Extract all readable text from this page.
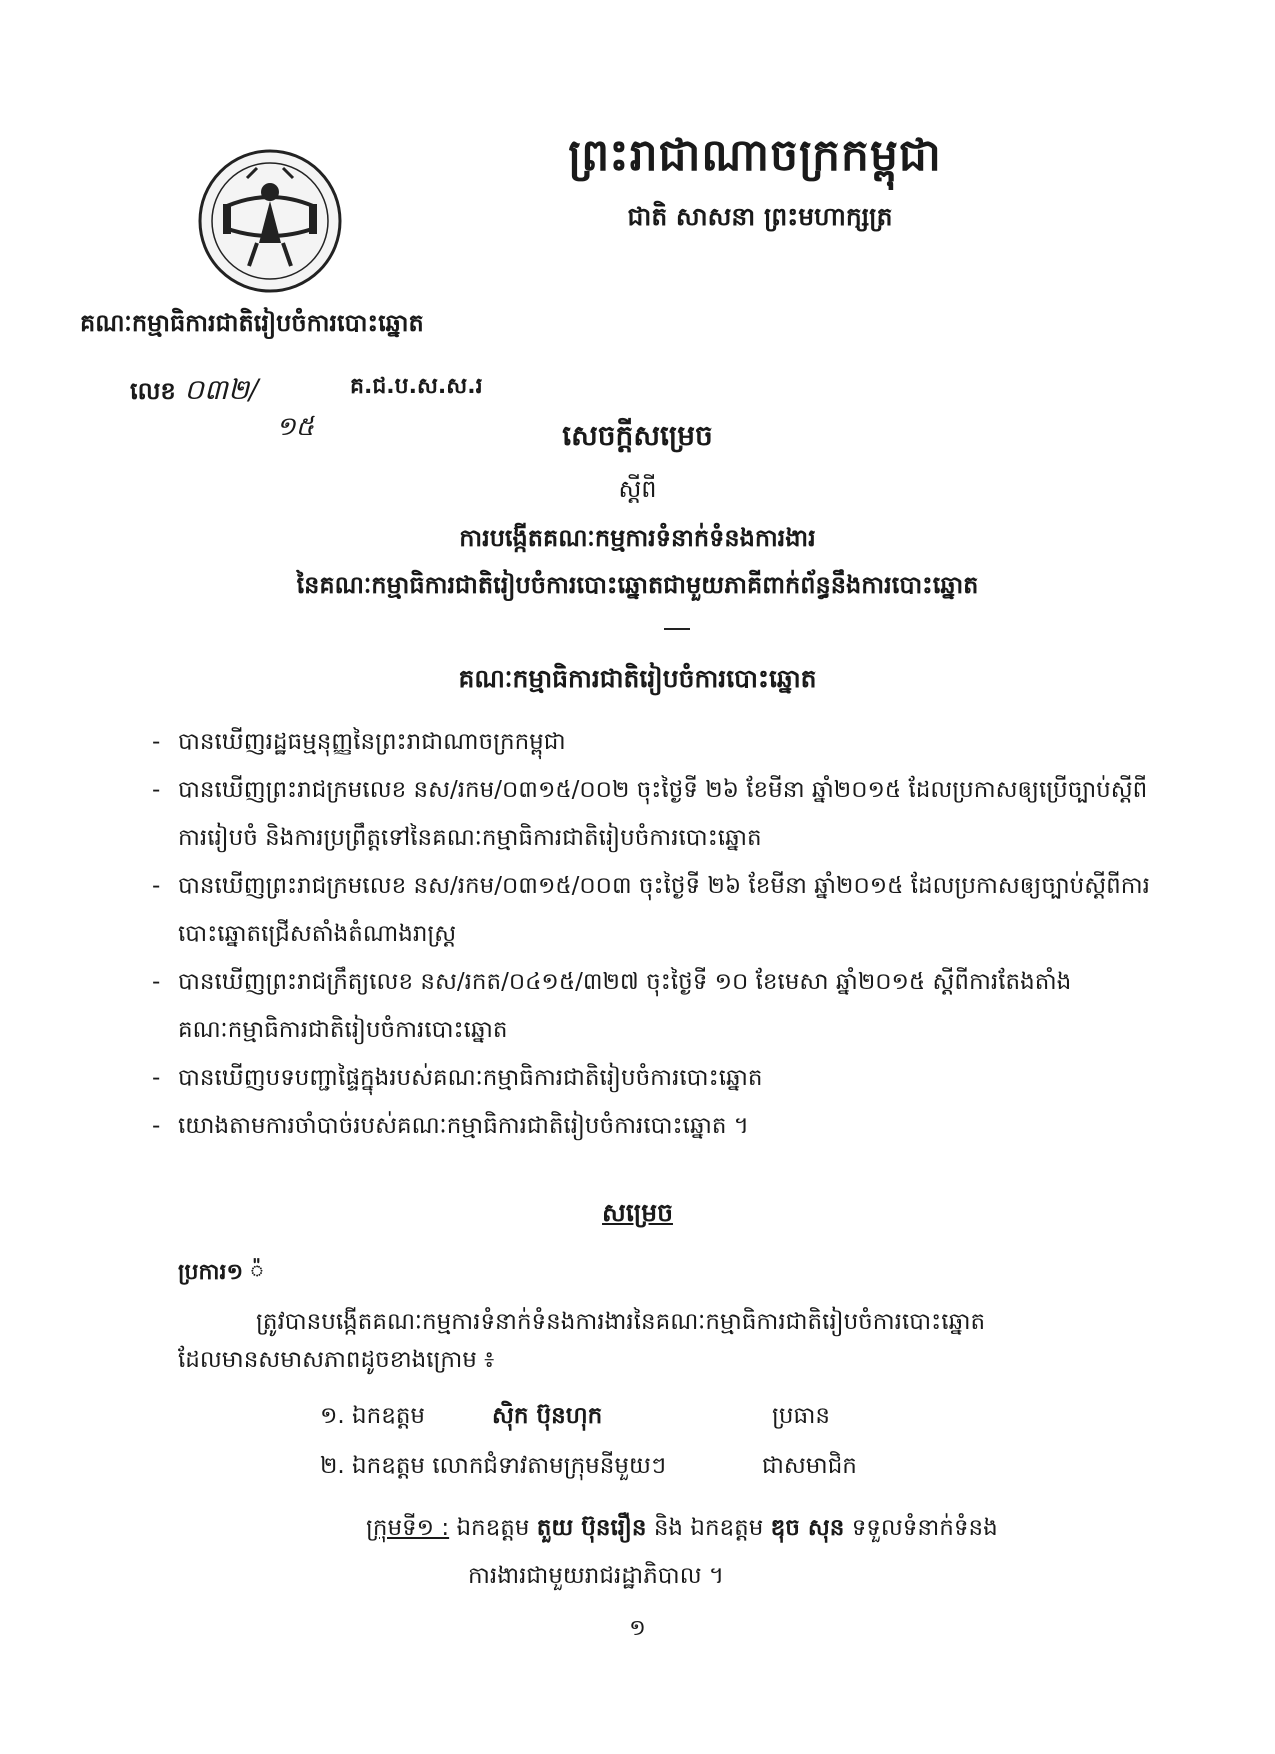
ព្រះរាជាណាចក្រកម្ពុជា
ជាតិ សាសនា ព្រះមហាក្សត្រ
គណៈកម្មាធិការជាតិរៀបចំការបោះឆ្នោត
លេខ ០៣២/	គ.ជ.ប.ស.ស.រ
១៥	សេចក្ដីសម្រេច
ស្ដីពី
ការបង្កើតគណៈកម្មការទំនាក់ទំនងការងារ
នៃគណៈកម្មាធិការជាតិរៀបចំការបោះឆ្នោតជាមួយភាគីពាក់ព័ន្ធនឹងការបោះឆ្នោត
គណៈកម្មាធិការជាតិរៀបចំការបោះឆ្នោត
- បានឃើញរដ្ឋធម្មនុញ្ញនៃព្រះរាជាណាចក្រកម្ពុជា
- បានឃើញព្រះរាជក្រមលេខ នស/រកម/០៣១៥/០០២ ចុះថ្ងៃទី ២៦ ខែមីនា ឆ្នាំ២០១៥ ដែលប្រកាសឲ្យប្រើច្បាប់ស្ដីពីការរៀបចំ និងការប្រព្រឹត្តទៅនៃគណៈកម្មាធិការជាតិរៀបចំការបោះឆ្នោត
- បានឃើញព្រះរាជក្រមលេខ នស/រកម/០៣១៥/០០៣ ចុះថ្ងៃទី ២៦ ខែមីនា ឆ្នាំ២០១៥ ដែលប្រកាសឲ្យច្បាប់ស្ដីពីការបោះឆ្នោតជ្រើសតាំងតំណាងរាស្ត្រ
- បានឃើញព្រះរាជក្រឹត្យលេខ នស/រកត/០៤១៥/៣២៧ ចុះថ្ងៃទី ១០ ខែមេសា ឆ្នាំ២០១៥ ស្ដីពីការតែងតាំងគណៈកម្មាធិការជាតិរៀបចំការបោះឆ្នោត
- បានឃើញបទបញ្ជាផ្ទៃក្នុងរបស់គណៈកម្មាធិការជាតិរៀបចំការបោះឆ្នោត
- យោងតាមការចាំបាច់របស់គណៈកម្មាធិការជាតិរៀបចំការបោះឆ្នោត ។
សម្រេច
ប្រការ១ ៉
ត្រូវបានបង្កើតគណៈកម្មការទំនាក់ទំនងការងារនៃគណៈកម្មាធិការជាតិរៀបចំការបោះឆ្នោត
ដែលមានសមាសភាពដូចខាងក្រោម ៖
១. ឯកឧត្តម	ស៊ិក ប៊ុនហុក	ប្រធាន
២. ឯកឧត្តម លោកជំទាវតាមក្រុមនីមួយៗ	ជាសមាជិក
ក្រុមទី១ : ឯកឧត្តម តួយ ប៊ុនរឿន និង ឯកឧត្តម ឌុច សុន ទទួលទំនាក់ទំនង
ការងារជាមួយរាជរដ្ឋាភិបាល ។
១
